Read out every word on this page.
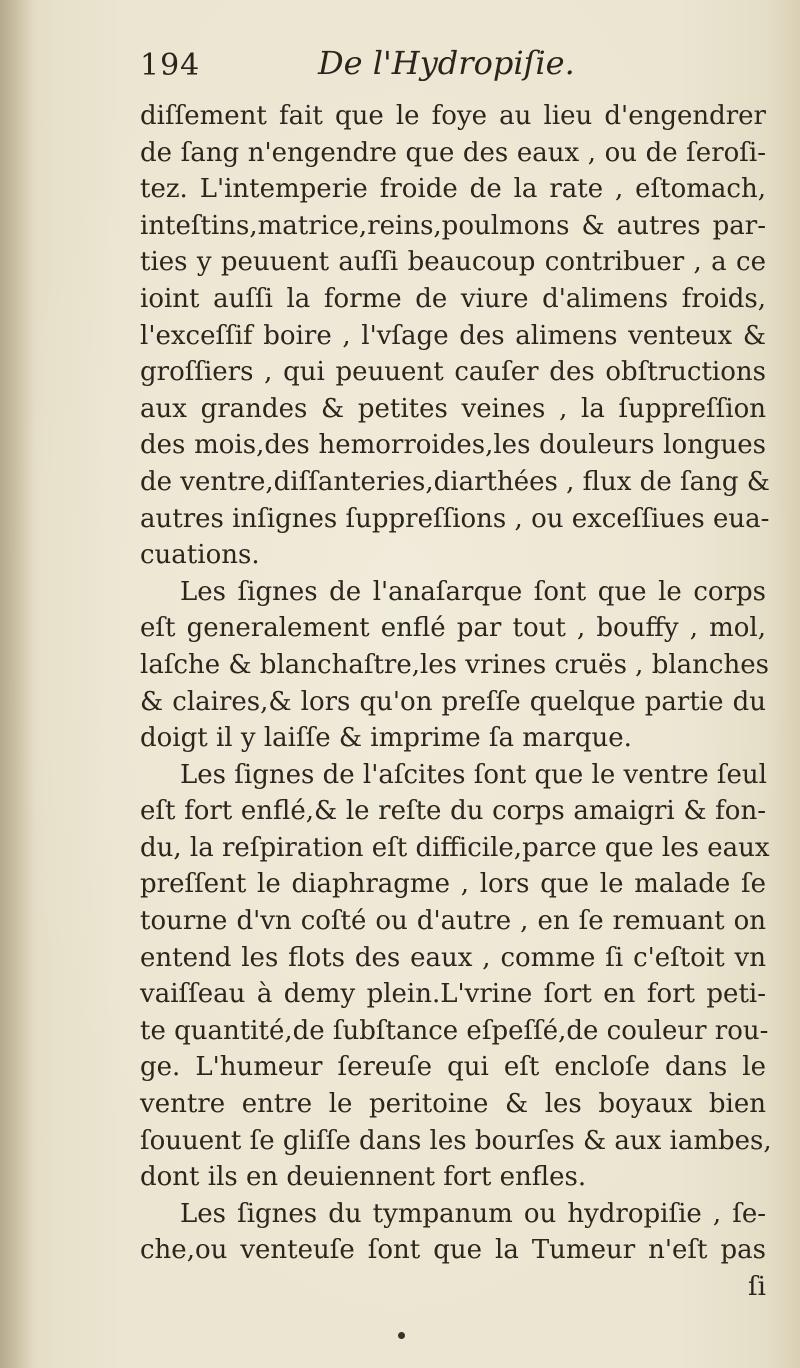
194	De l'Hydropiſie.
diſſement fait que le foye au lieu d'engendrer
de ſang n'engendre que des eaux , ou de ſeroſi-
tez. L'intemperie froide de la rate , eſtomach,
inteſtins,matrice,reins,poulmons & autres par-
ties y peuuent auſſi beaucoup contribuer , a ce
ioint auſſi la forme de viure d'alimens froids,
l'exceſſif boire , l'vſage des alimens venteux &
groſſiers , qui peuuent cauſer des obſtructions
aux grandes & petites veines , la ſuppreſſion
des mois,des hemorroides,les douleurs longues
de ventre,diſſanteries,diarthées , flux de ſang &
autres inſignes ſuppreſſions , ou exceſſiues eua-
cuations.
Les ſignes de l'anaſarque ſont que le corps
eſt generalement enflé par tout , bouffy , mol,
laſche & blanchaſtre,les vrines cruës , blanches
& claires,& lors qu'on preſſe quelque partie du
doigt il y laiſſe & imprime ſa marque.
Les ſignes de l'aſcites ſont que le ventre ſeul
eſt fort enflé,& le reſte du corps amaigri & fon-
du, la reſpiration eſt difficile,parce que les eaux
preſſent le diaphragme , lors que le malade ſe
tourne d'vn coſté ou d'autre , en ſe remuant on
entend les flots des eaux , comme ſi c'eſtoit vn
vaiſſeau à demy plein.L'vrine ſort en fort peti-
te quantité,de ſubſtance eſpeſſé,de couleur rou-
ge. L'humeur ſereuſe qui eſt encloſe dans le
ventre entre le peritoine & les boyaux bien
ſouuent ſe gliſſe dans les bourſes & aux iambes,
dont ils en deuiennent fort enfles.
Les ſignes du tympanum ou hydropiſie , ſe-
che,ou venteuſe ſont que la Tumeur n'eſt pas
ſi
